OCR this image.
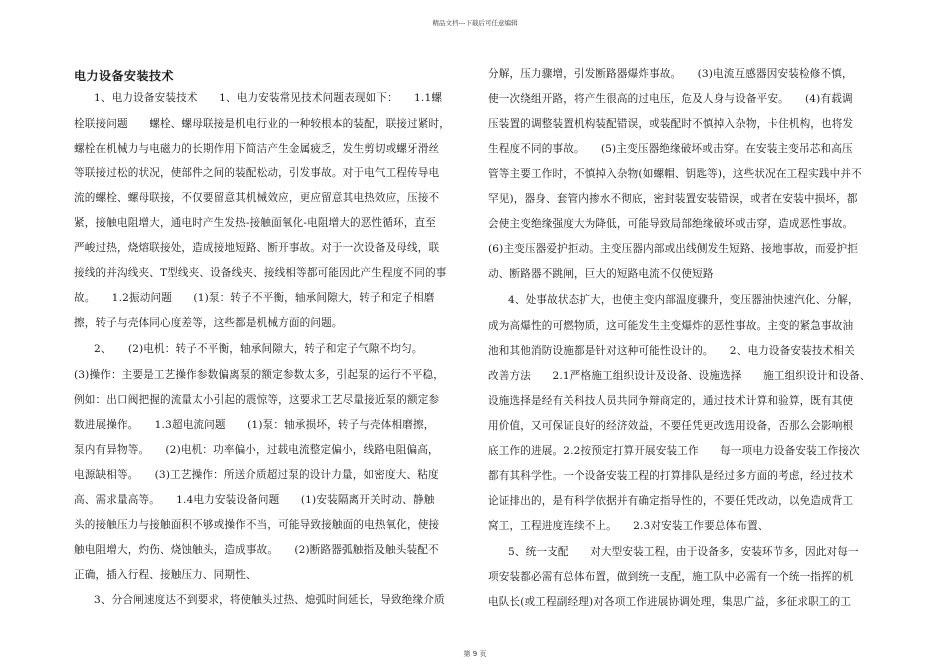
精品文档---下载后可任意编辑
电力设备安装技术
1、电力设备安装技术　　1、电力安装常见技术问题表现如下：　　1.1螺
栓联接问题　　螺栓、螺母联接是机电行业的一种较根本的装配，联接过紧时，
螺栓在机械力与电磁力的长期作用下简洁产生金属疲乏，发生剪切或螺牙滑丝
等联接过松的状况，使部件之间的装配松动，引发事故。对于电气工程传导电
流的螺栓、螺母联接，不仅要留意其机械效应，更应留意其电热效应，压接不
紧，接触电阻增大，通电时产生发热-接触面氧化-电阻增大的恶性循环，直至
严峻过热，烧熔联接处，造成接地短路、断开事故。对于一次设备及母线，联
接线的并沟线夹、T型线夹、设备线夹、接线相等都可能因此产生程度不同的事
故。　　1.2振动问题　　(1)泵：转子不平衡，轴承间隙大，转子和定子相磨
擦，转子与壳体同心度差等，这些都是机械方面的问题。
2、　　(2)电机：转子不平衡，轴承间隙大，转子和定子气隙不均匀。
(3)操作：主要是工艺操作参数偏离泵的额定参数太多，引起泵的运行不平稳，
例如：出口阀把握的流量太小引起的震惊等，这要求工艺尽量接近泵的额定参
数进展操作。　　1.3超电流问题　　(1)泵：轴承损坏，转子与壳体相磨擦，
泵内有异物等。　　(2)电机：功率偏小，过载电流整定偏小，线路电阻偏高，
电源缺相等。　　(3)工艺操作：所送介质超过泵的设计力量，如密度大、粘度
高、需求量高等。　　1.4电力安装设备问题　　(1)安装隔离开关时动、静触
头的接触压力与接触面积不够或操作不当，可能导致接触面的电热氧化，使接
触电阻增大，灼伤、烧蚀触头，造成事故。　　(2)断路器弧触指及触头装配不
正确，插入行程、接触压力、同期性、
3、分合闸速度达不到要求，将使触头过热、熄弧时间延长，导致绝缘介质
分解，压力骤增，引发断路器爆炸事故。　　(3)电流互感器因安装检修不慎，
使一次绕组开路，将产生很高的过电压，危及人身与设备平安。　　(4)有载调
压装置的调整装置机构装配错误，或装配时不慎掉入杂物，卡住机构，也将发
生程度不同的事故。　　(5)主变压器绝缘破坏或击穿。在安装主变吊芯和高压
管等主要工作时，不慎掉入杂物(如螺帽、钥匙等)，这些状况在工程实践中并不
罕见)，器身、套管内掺水不彻底，密封装置安装错误，或者在安装中损坏，都
会使主变绝缘强度大为降低，可能导致局部绝缘破坏或击穿，造成恶性事故。
(6)主变压器爱护拒动。主变压器内部或出线侧发生短路、接地事故，而爱护拒
动、断路器不跳闸，巨大的短路电流不仅使短路
4、处事故状态扩大，也使主变内部温度骤升，变压器油快速汽化、分解，
成为高爆性的可燃物质，这可能发生主变爆炸的恶性事故。主变的紧急事故油
池和其他消防设施都是针对这种可能性设计的。　　2、电力设备安装技术相关
改善方法　　2.1严格施工组织设计及设备、设施选择　　施工组织设计和设备、
设施选择是经有关科技人员共同争辩商定的，通过技术计算和验算，既有其使
用价值，又可保证良好的经济效益，不要任凭更改选用设备，否那么会影响根
底工作的进展。2.2按预定打算开展安装工作　　每一项电力设备安装工作接次
都有其科学性。一个设备安装工程的打算排队是经过多方面的考虑，经过技术
论证排出的，是有科学依据并有确定指导性的，不要任凭改动，以免造成背工
窝工，工程进度连续不上。　　2.3对安装工作要总体布置、
5、统一支配　　对大型安装工程，由于设备多，安装环节多，因此对每一
项安装都必需有总体布置，做到统一支配，施工队中必需有一个统一指挥的机
电队长(或工程副经理)对各项工作进展协调处理，集思广益，多征求职工的工
第 9 页
